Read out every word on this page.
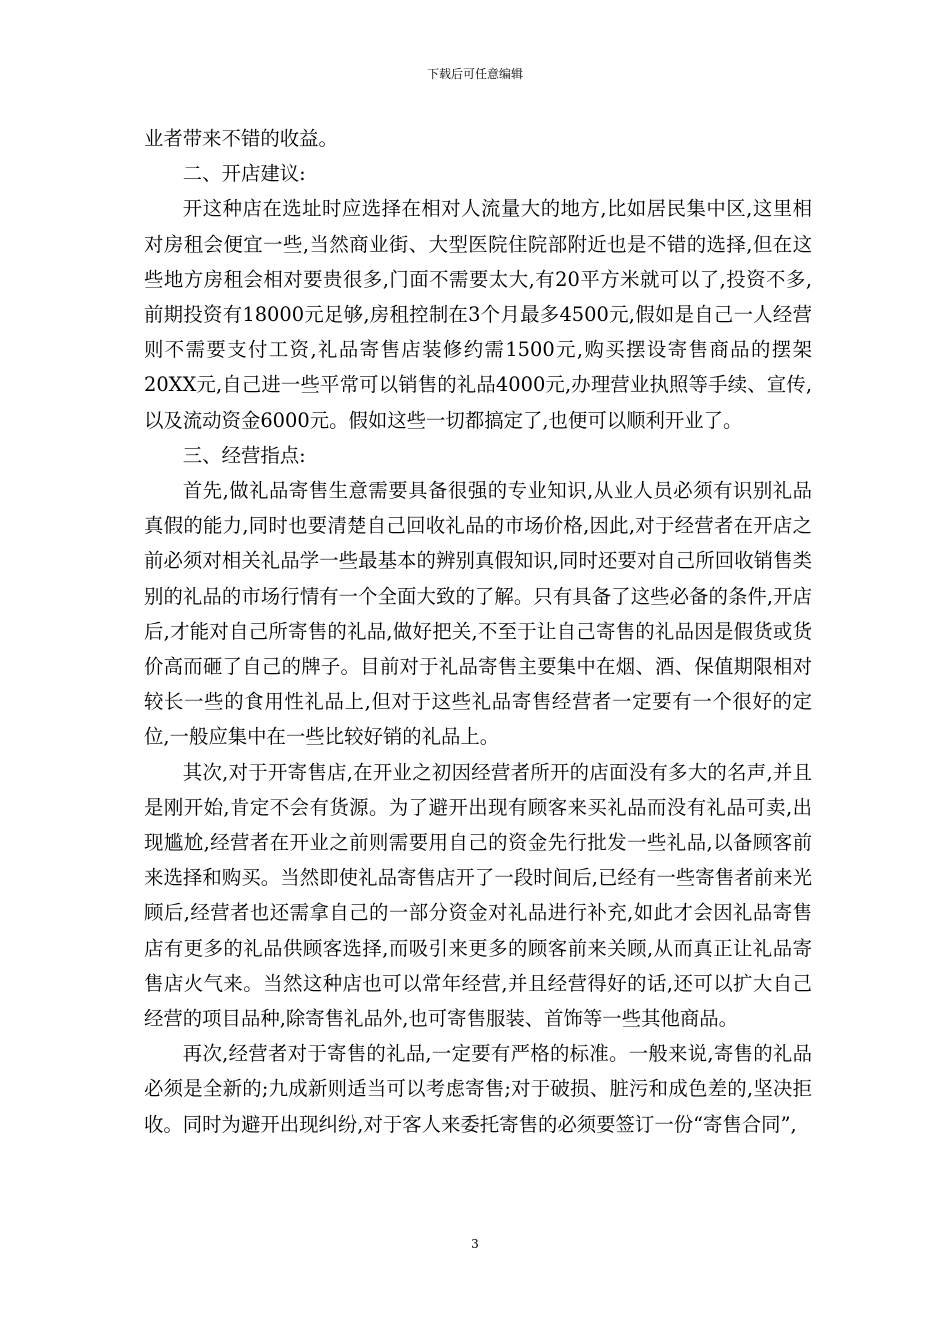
下载后可任意编辑

业者带来不错的收益。

二、开店建议:

开这种店在选址时应选择在相对人流量大的地方,比如居民集中区,这里相对房租会便宜一些,当然商业街、大型医院住院部附近也是不错的选择,但在这些地方房租会相对要贵很多,门面不需要太大,有20平方米就可以了,投资不多,前期投资有18000元足够,房租控制在3个月最多4500元,假如是自己一人经营则不需要支付工资,礼品寄售店装修约需1500元,购买摆设寄售商品的摆架20XX元,自己进一些平常可以销售的礼品4000元,办理营业执照等手续、宣传,以及流动资金6000元。假如这些一切都搞定了,也便可以顺利开业了。

三、经营指点:

首先,做礼品寄售生意需要具备很强的专业知识,从业人员必须有识别礼品真假的能力,同时也要清楚自己回收礼品的市场价格,因此,对于经营者在开店之前必须对相关礼品学一些最基本的辨别真假知识,同时还要对自己所回收销售类别的礼品的市场行情有一个全面大致的了解。只有具备了这些必备的条件,开店后,才能对自己所寄售的礼品,做好把关,不至于让自己寄售的礼品因是假货或货价高而砸了自己的牌子。目前对于礼品寄售主要集中在烟、酒、保值期限相对较长一些的食用性礼品上,但对于这些礼品寄售经营者一定要有一个很好的定位,一般应集中在一些比较好销的礼品上。

其次,对于开寄售店,在开业之初因经营者所开的店面没有多大的名声,并且是刚开始,肯定不会有货源。为了避开出现有顾客来买礼品而没有礼品可卖,出现尴尬,经营者在开业之前则需要用自己的资金先行批发一些礼品,以备顾客前来选择和购买。当然即使礼品寄售店开了一段时间后,已经有一些寄售者前来光顾后,经营者也还需拿自己的一部分资金对礼品进行补充,如此才会因礼品寄售店有更多的礼品供顾客选择,而吸引来更多的顾客前来关顾,从而真正让礼品寄售店火气来。当然这种店也可以常年经营,并且经营得好的话,还可以扩大自己经营的项目品种,除寄售礼品外,也可寄售服装、首饰等一些其他商品。

再次,经营者对于寄售的礼品,一定要有严格的标准。一般来说,寄售的礼品必须是全新的;九成新则适当可以考虑寄售;对于破损、脏污和成色差的,坚决拒收。同时为避开出现纠纷,对于客人来委托寄售的必须要签订一份“寄售合同”,

3
